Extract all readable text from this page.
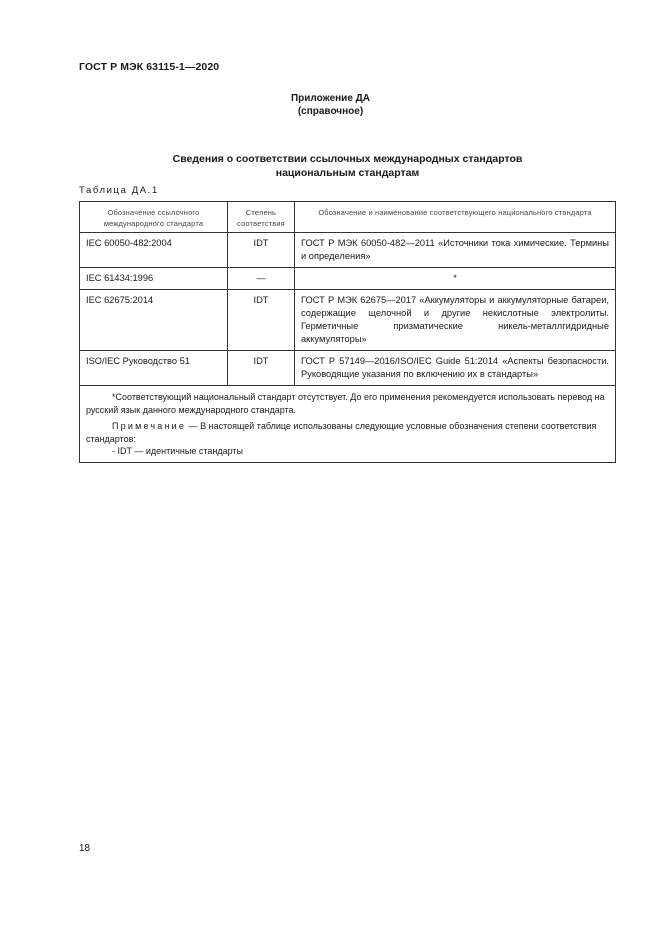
ГОСТ Р МЭК 63115-1—2020
Приложение ДА
(справочное)
Сведения о соответствии ссылочных международных стандартов
национальным стандартам
Таблица ДА.1
Обозначение ссылочного международного стандарта	Степень соответствия	Обозначение и наименование соответствующего национального стандарта
IEC 60050-482:2004	IDT	ГОСТ Р МЭК 60050-482—2011 «Источники тока химические. Термины и определения»
IEC 61434:1996	—	*
IEC 62675:2014	IDT	ГОСТ Р МЭК 62675—2017 «Аккумуляторы и аккумуляторные батареи, содержащие щелочной и другие некислотные электролиты. Герметичные призматические никель-металлгидридные аккумуляторы»
ISO/IEC Руководство 51	IDT	ГОСТ Р 57149—2016/ISO/IEC Guide 51:2014 «Аспекты безопасности. Руководящие указания по включению их в стандарты»

*Соответствующий национальный стандарт отсутствует. До его применения рекомендуется использовать перевод на русский язык данного международного стандарта.

Примечание — В настоящей таблице использованы следующие условные обозначения степени соответствия стандартов:

- IDT — идентичные стандарты		

18
